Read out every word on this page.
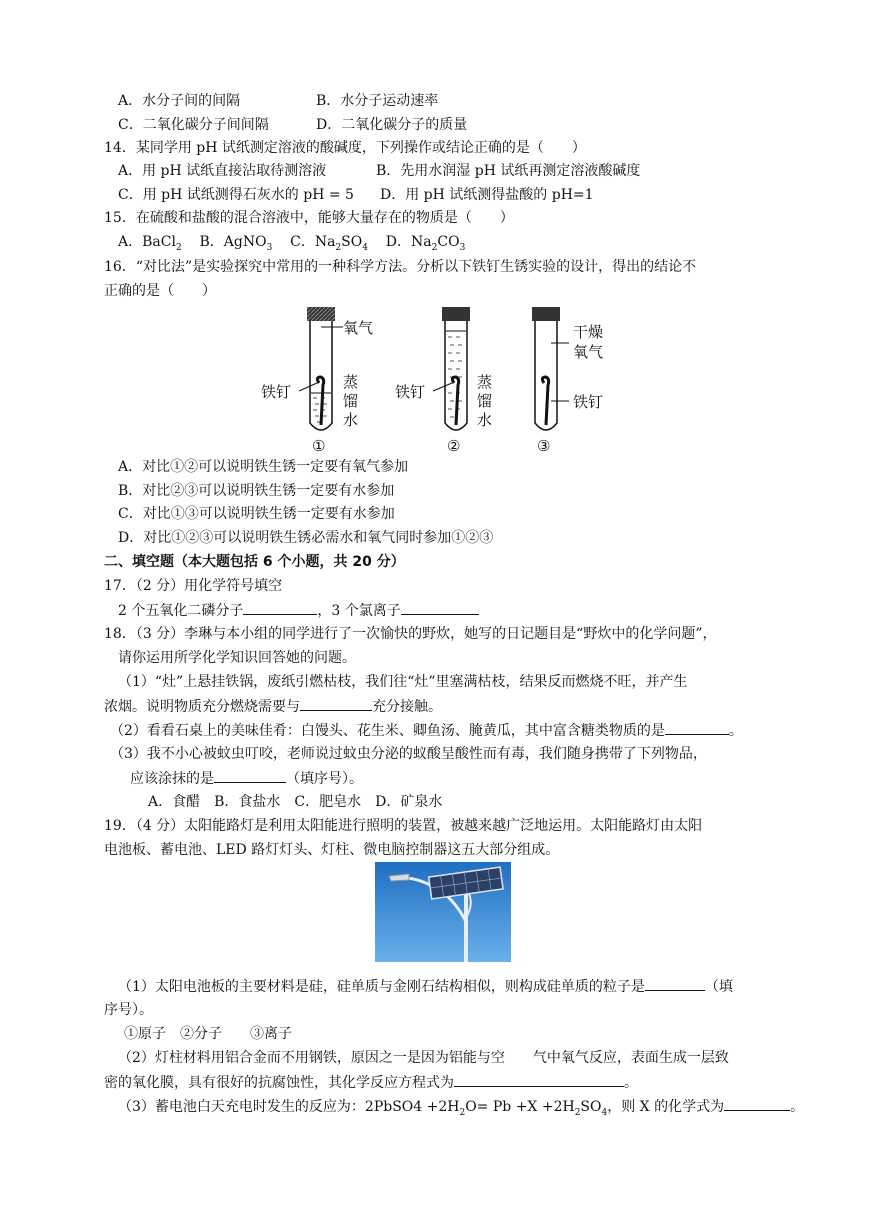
A．水分子间的间隔	B．水分子运动速率
C．二氧化碳分子间间隔	D．二氧化碳分子的质量
14．某同学用 pH 试纸测定溶液的酸碱度，下列操作或结论正确的是（　　）
A．用 pH 试纸直接沾取待测溶液	B．先用水润湿 pH 试纸再测定溶液酸碱度
C．用 pH 试纸测得石灰水的 pH = 5 D．用 pH 试纸测得盐酸的 pH=1
15．在硫酸和盐酸的混合溶液中，能够大量存在的物质是（　　）
A．BaCl$_2$ B．AgNO$_3$ C．$Na_2SO_4$ D．$Na_2CO_3$
16．“对比法”是实验探究中常用的一种科学方法。分析以下铁钉生锈实验的设计，得出的结论不
正确的是（　　）
氧气
铁钉
蒸
馏
水
①
铁钉
蒸
馏
水
②
干燥
氧气
铁钉
③
A．对比①②可以说明铁生锈一定要有氧气参加
B．对比②③可以说明铁生锈一定要有水参加
C．对比①③可以说明铁生锈一定要有水参加
D．对比①②③可以说明铁生锈必需水和氧气同时参加①②③
二、填空题（本大题包括 6 个小题，共 20 分）
17．（2 分）用化学符号填空
2 个五氧化二磷分子	，3 个氯离子
18．（3 分）李琳与本小组的同学进行了一次愉快的野炊，她写的日记题目是“野炊中的化学问题”，
请你运用所学化学知识回答她的问题。
（1）“灶”上悬挂铁锅，废纸引燃枯枝，我们往“灶”里塞满枯枝，结果反而燃烧不旺，并产生
浓烟。说明物质充分燃烧需要与	充分接触。
（2）看看石桌上的美味佳肴：白馒头、花生米、卿鱼汤、腌黄瓜，其中富含糖类物质的是	。
（3）我不小心被蚊虫叮咬，老师说过蚊虫分泌的蚁酸呈酸性而有毒，我们随身携带了下列物品，
应该涂抹的是	（填序号）。
A．食醋　B．食盐水　C．肥皂水　D．矿泉水
19．（4 分）太阳能路灯是利用太阳能进行照明的装置，被越来越广泛地运用。太阳能路灯由太阳
电池板、蓄电池、LED 路灯灯头、灯柱、微电脑控制器这五大部分组成。
（1）太阳电池板的主要材料是硅，硅单质与金刚石结构相似，则构成硅单质的粒子是	（填
序号）。
①原子　②分子　　③离子
（2）灯柱材料用铝合金而不用钢铁，原因之一是因为铝能与空　　气中氧气反应，表面生成一层致
密的氧化膜，具有很好的抗腐蚀性，其化学反应方程式为	。
（3）蓄电池白天充电时发生的反应为：2PbSO4 $+2H_2O= Pb +X +2H_2SO_4$，则 X 的化学式为	。
